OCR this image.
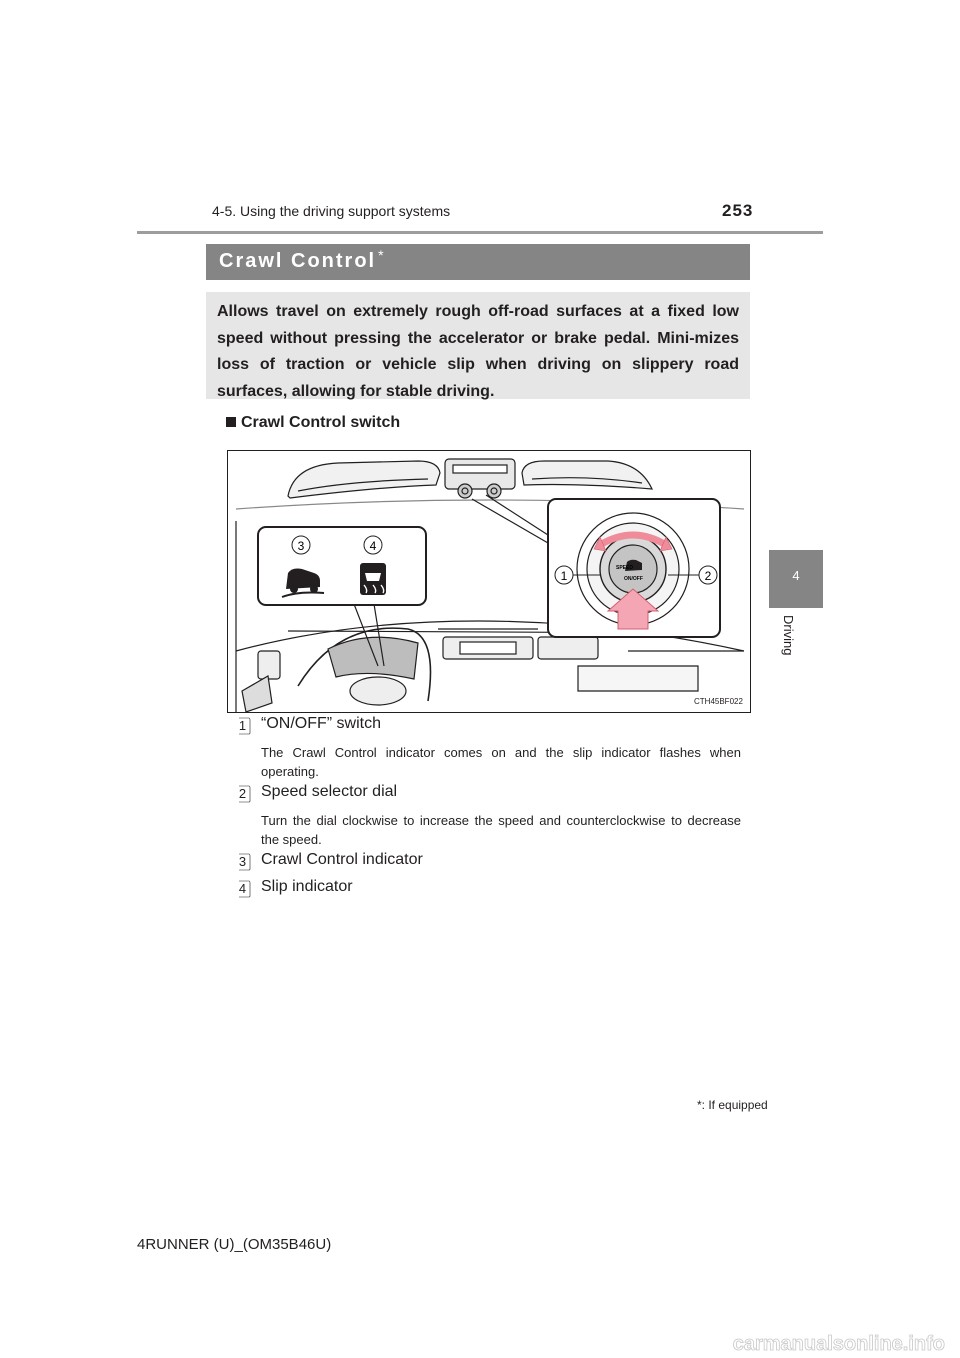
4-5. Using the driving support systems	253
4
Driving
Crawl Control *
Allows travel on extremely rough off-road surfaces at a fixed low speed without pressing the accelerator or brake pedal. Mini-mizes loss of traction or vehicle slip when driving on slippery road surfaces, allowing for stable driving.
Crawl Control switch
3	4
SPEED
ON/OFF
1	2
CTH45BF022
1 “ON/OFF” switch
The Crawl Control indicator comes on and the slip indicator flashes when operating.
2 Speed selector dial
Turn the dial clockwise to increase the speed and counterclockwise to decrease the speed.
3 Crawl Control indicator
4 Slip indicator
*: If equipped
4RUNNER (U)_(OM35B46U)
carmanualsonline.info
